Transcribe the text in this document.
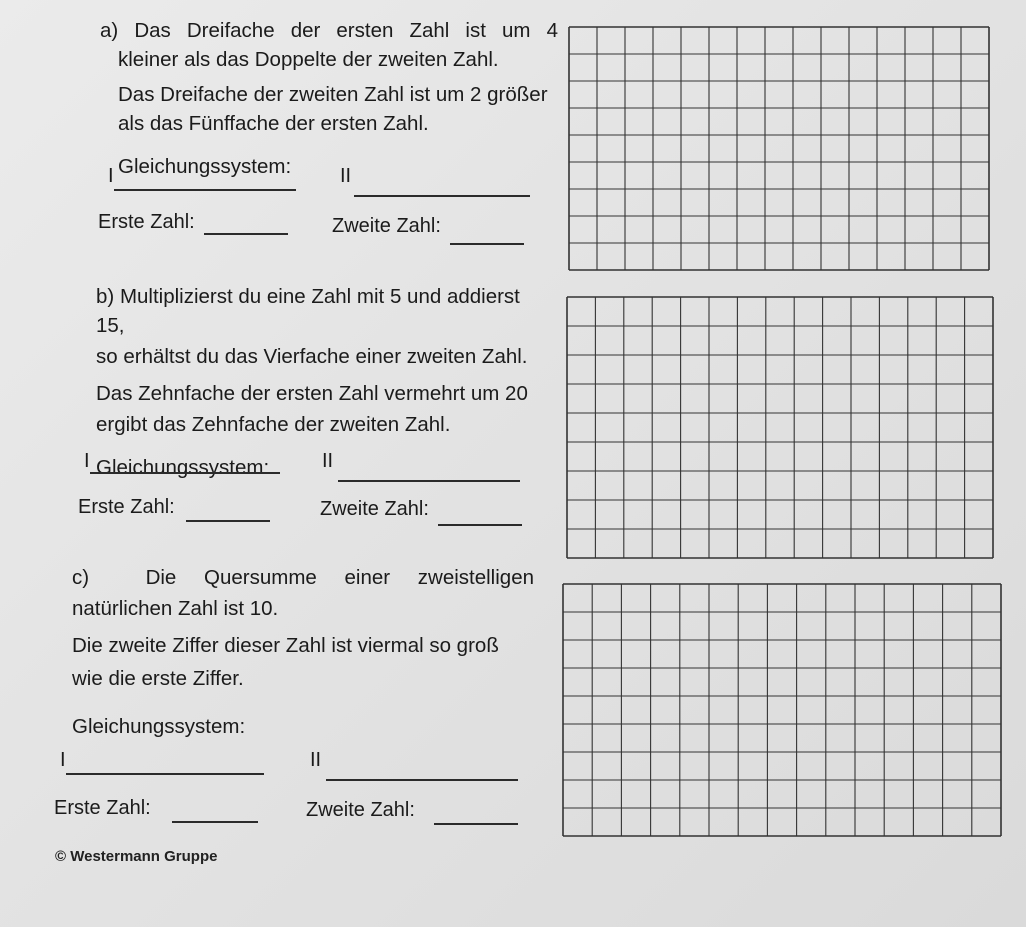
a) Das Dreifache der ersten Zahl ist um 4

kleiner als das Doppelte der zweiten Zahl.

Das Dreifache der zweiten Zahl ist um 2 größer

als das Fünffache der ersten Zahl.

Gleichungssystem:
I	II
Erste Zahl:	Zweite Zahl:

b) Multiplizierst du eine Zahl mit 5 und addierst 15,

so erhältst du das Vierfache einer zweiten Zahl.

Das Zehnfache der ersten Zahl vermehrt um 20

ergibt das Zehnfache der zweiten Zahl.

Gleichungssystem:
I	II
Erste Zahl:	Zweite Zahl:

c)	Die Quersumme einer zweistelligen

natürlichen Zahl ist 10.

Die zweite Ziffer dieser Zahl ist viermal so groß

wie die erste Ziffer.

Gleichungssystem:
I	II
Erste Zahl:	Zweite Zahl:
© Westermann Gruppe
